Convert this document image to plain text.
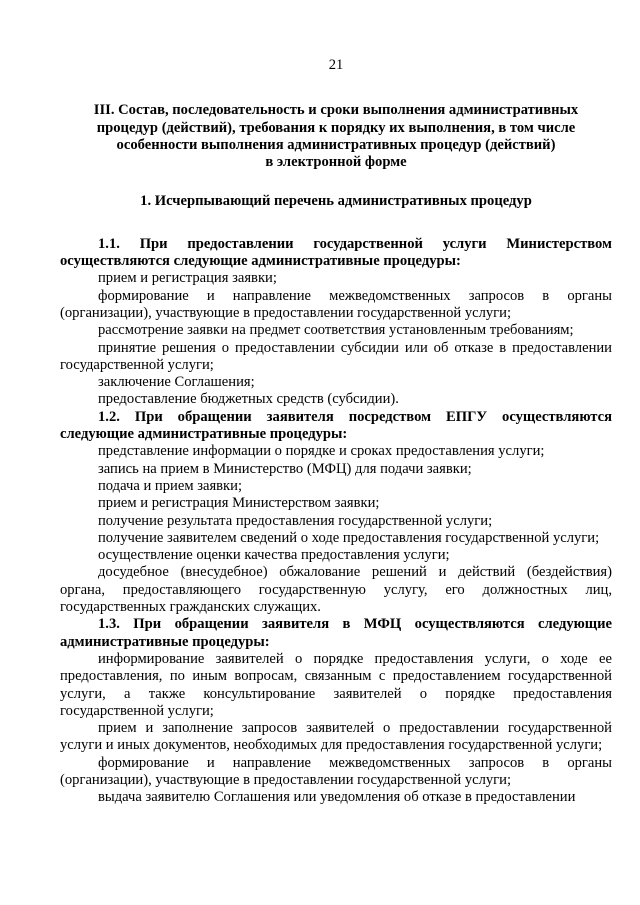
21
III. Состав, последовательность и сроки выполнения административных
процедур (действий), требования к порядку их выполнения, в том числе
особенности выполнения административных процедур (действий)
в электронной форме
1. Исчерпывающий перечень административных процедур
1.1. При предоставлении государственной услуги Министерством осуществляются следующие административные процедуры:
прием и регистрация заявки;
формирование и направление межведомственных запросов в органы (организации), участвующие в предоставлении государственной услуги;
рассмотрение заявки на предмет соответствия установленным требованиям;
принятие решения о предоставлении субсидии или об отказе в предоставлении государственной услуги;
заключение Соглашения;
предоставление бюджетных средств (субсидии).
1.2. При обращении заявителя посредством ЕПГУ осуществляются следующие административные процедуры:
представление информации о порядке и сроках предоставления услуги;
запись на прием в Министерство (МФЦ) для подачи заявки;
подача и прием заявки;
прием и регистрация Министерством заявки;
получение результата предоставления государственной услуги;
получение заявителем сведений о ходе предоставления государственной услуги;
осуществление оценки качества предоставления услуги;
досудебное (внесудебное) обжалование решений и действий (бездействия) органа, предоставляющего государственную услугу, его должностных лиц, государственных гражданских служащих.
1.3. При обращении заявителя в МФЦ осуществляются следующие административные процедуры:
информирование заявителей о порядке предоставления услуги, о ходе ее предоставления, по иным вопросам, связанным с предоставлением государственной услуги, а также консультирование заявителей о порядке предоставления государственной услуги;
прием и заполнение запросов заявителей о предоставлении государственной услуги и иных документов, необходимых для предоставления государственной услуги;
формирование и направление межведомственных запросов в органы (организации), участвующие в предоставлении государственной услуги;
выдача заявителю Соглашения или уведомления об отказе в предоставлении
